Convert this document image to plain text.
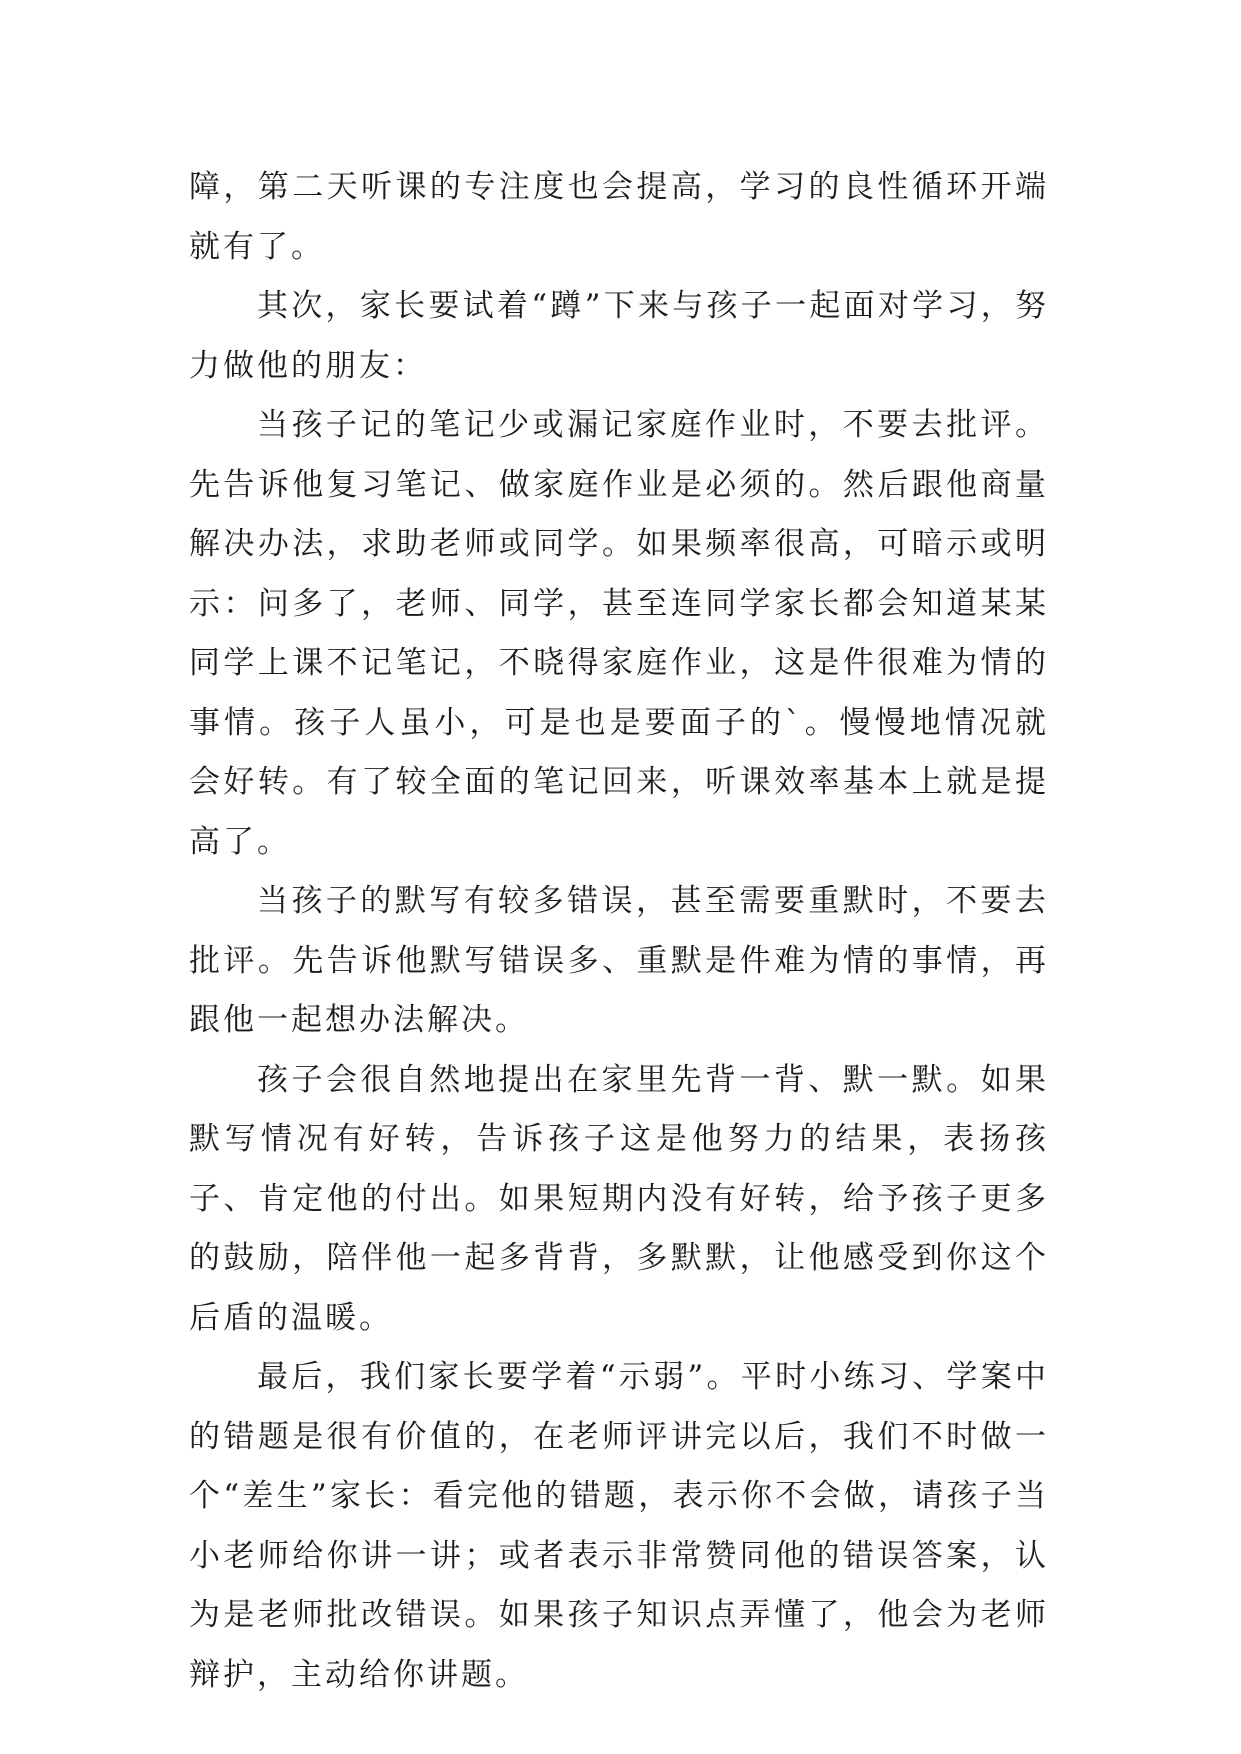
障，第二天听课的专注度也会提高，学习的良性循环开端就有了。

其次，家长要试着“蹲”下来与孩子一起面对学习，努力做他的朋友：

当孩子记的笔记少或漏记家庭作业时，不要去批评。先告诉他复习笔记、做家庭作业是必须的。然后跟他商量解决办法，求助老师或同学。如果频率很高，可暗示或明示：问多了，老师、同学，甚至连同学家长都会知道某某同学上课不记笔记，不晓得家庭作业，这是件很难为情的事情。孩子人虽小，可是也是要面子的`。慢慢地情况就会好转。有了较全面的笔记回来，听课效率基本上就是提高了。

当孩子的默写有较多错误，甚至需要重默时，不要去批评。先告诉他默写错误多、重默是件难为情的事情，再跟他一起想办法解决。

孩子会很自然地提出在家里先背一背、默一默。如果默写情况有好转，告诉孩子这是他努力的结果，表扬孩子、肯定他的付出。如果短期内没有好转，给予孩子更多的鼓励，陪伴他一起多背背，多默默，让他感受到你这个后盾的温暖。

最后，我们家长要学着“示弱”。平时小练习、学案中的错题是很有价值的，在老师评讲完以后，我们不时做一个“差生”家长：看完他的错题，表示你不会做，请孩子当小老师给你讲一讲；或者表示非常赞同他的错误答案，认为是老师批改错误。如果孩子知识点弄懂了，他会为老师辩护，主动给你讲题。
